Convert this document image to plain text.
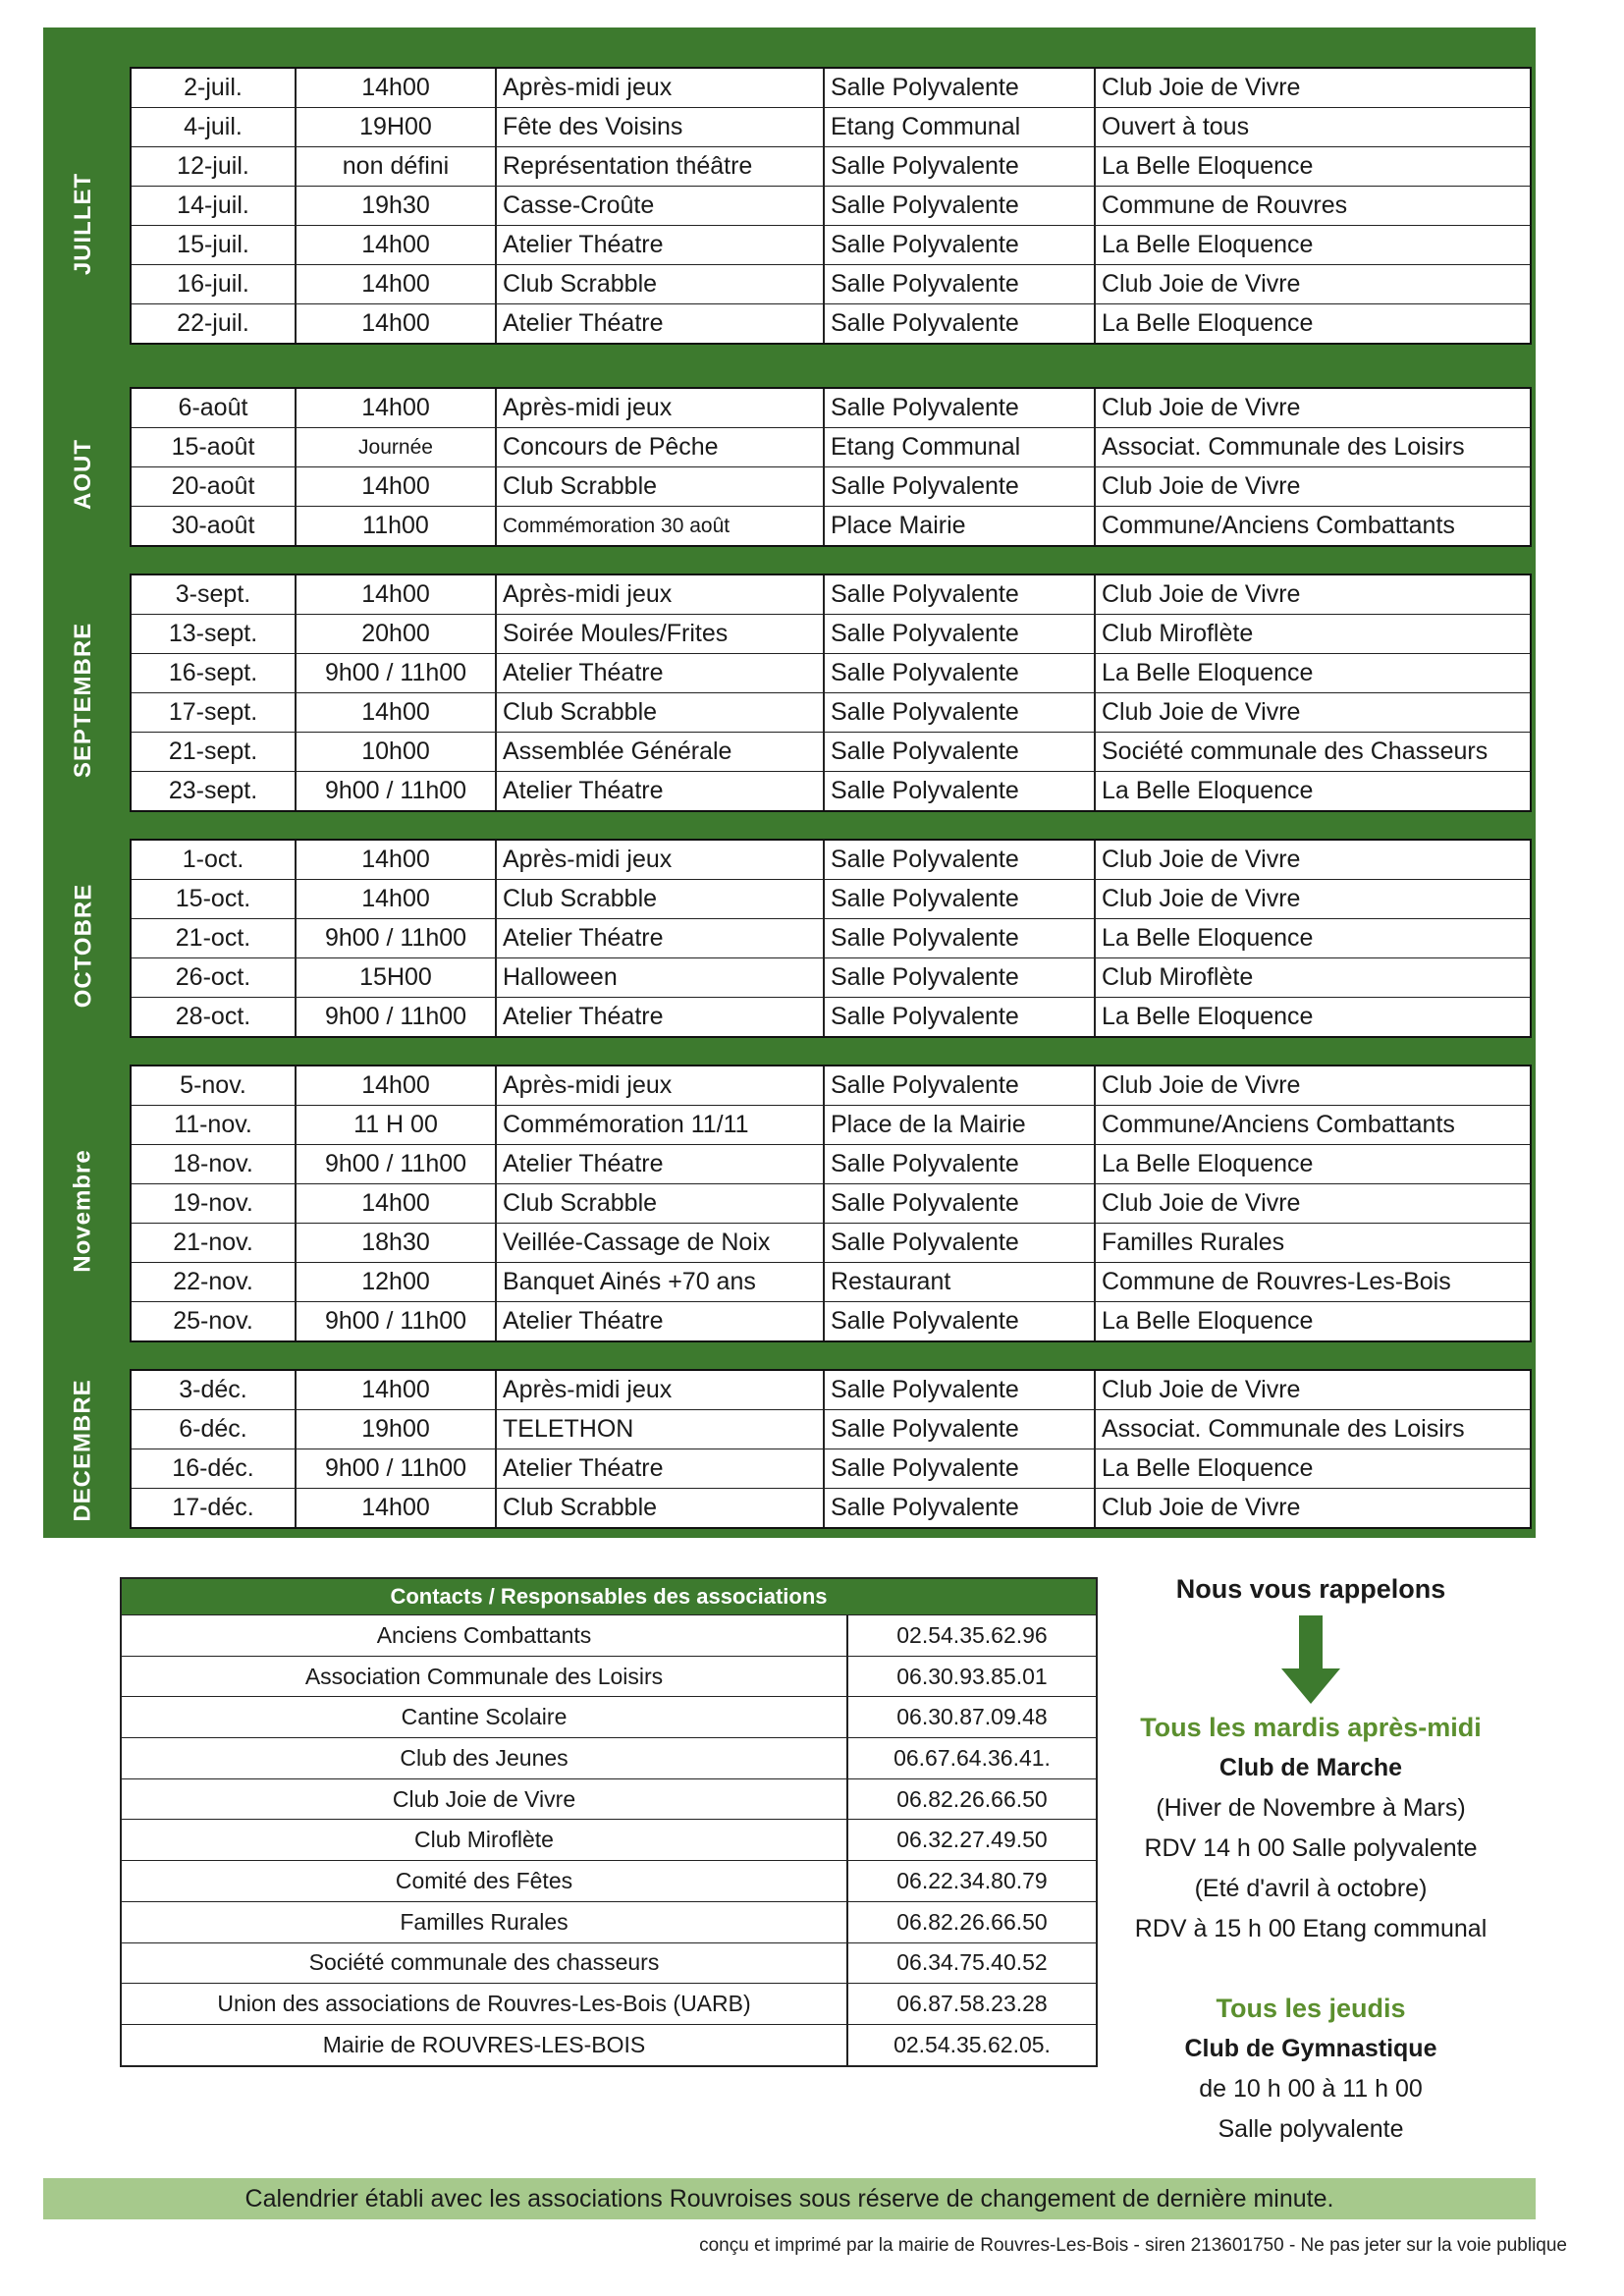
JUILLET
2-juil.	14h00	Après-midi jeux	Salle Polyvalente	Club Joie de Vivre
4-juil.	19H00	Fête des Voisins	Etang Communal	Ouvert à tous
12-juil.	non défini	Représentation théâtre	Salle Polyvalente	La Belle Eloquence
14-juil.	19h30	Casse-Croûte	Salle Polyvalente	Commune de Rouvres
15-juil.	14h00	Atelier Théatre	Salle Polyvalente	La Belle Eloquence
16-juil.	14h00	Club Scrabble	Salle Polyvalente	Club Joie de Vivre
22-juil.	14h00	Atelier Théatre	Salle Polyvalente	La Belle Eloquence
AOUT
6-août	14h00	Après-midi jeux	Salle Polyvalente	Club Joie de Vivre
15-août	Journée	Concours de Pêche	Etang Communal	Associat. Communale des Loisirs
20-août	14h00	Club Scrabble	Salle Polyvalente	Club Joie de Vivre
30-août	11h00	Commémoration 30 août	Place Mairie	Commune/Anciens Combattants
SEPTEMBRE
3-sept.	14h00	Après-midi jeux	Salle Polyvalente	Club Joie de Vivre
13-sept.	20h00	Soirée Moules/Frites	Salle Polyvalente	Club Miroflète
16-sept.	9h00 / 11h00	Atelier Théatre	Salle Polyvalente	La Belle Eloquence
17-sept.	14h00	Club Scrabble	Salle Polyvalente	Club Joie de Vivre
21-sept.	10h00	Assemblée Générale	Salle Polyvalente	Société communale des Chasseurs
23-sept.	9h00 / 11h00	Atelier Théatre	Salle Polyvalente	La Belle Eloquence
OCTOBRE
1-oct.	14h00	Après-midi jeux	Salle Polyvalente	Club Joie de Vivre
15-oct.	14h00	Club Scrabble	Salle Polyvalente	Club Joie de Vivre
21-oct.	9h00 / 11h00	Atelier Théatre	Salle Polyvalente	La Belle Eloquence
26-oct.	15H00	Halloween	Salle Polyvalente	Club Miroflète
28-oct.	9h00 / 11h00	Atelier Théatre	Salle Polyvalente	La Belle Eloquence
Novembre
5-nov.	14h00	Après-midi jeux	Salle Polyvalente	Club Joie de Vivre
11-nov.	11 H 00	Commémoration 11/11	Place de la Mairie	Commune/Anciens Combattants
18-nov.	9h00 / 11h00	Atelier Théatre	Salle Polyvalente	La Belle Eloquence
19-nov.	14h00	Club Scrabble	Salle Polyvalente	Club Joie de Vivre
21-nov.	18h30	Veillée-Cassage de Noix	Salle Polyvalente	Familles Rurales
22-nov.	12h00	Banquet Ainés +70 ans	Restaurant	Commune de Rouvres-Les-Bois
25-nov.	9h00 / 11h00	Atelier Théatre	Salle Polyvalente	La Belle Eloquence
DECEMBRE	3-déc.	14h00	Après-midi jeux	Salle Polyvalente	Club Joie de Vivre
6-déc.	19h00	TELETHON	Salle Polyvalente	Associat. Communale des Loisirs
16-déc.	9h00 / 11h00	Atelier Théatre	Salle Polyvalente	La Belle Eloquence
17-déc.	14h00	Club Scrabble	Salle Polyvalente	Club Joie de Vivre
Contacts / Responsables des associations
Anciens Combattants	02.54.35.62.96
Association Communale des Loisirs	06.30.93.85.01
Cantine Scolaire	06.30.87.09.48
Club des Jeunes	06.67.64.36.41.
Club Joie de Vivre	06.82.26.66.50
Club Miroflète	06.32.27.49.50
Comité des Fêtes	06.22.34.80.79
Familles Rurales	06.82.26.66.50
Société communale des chasseurs	06.34.75.40.52
Union des associations de Rouvres-Les-Bois (UARB)	06.87.58.23.28
Mairie de ROUVRES-LES-BOIS	02.54.35.62.05.
Nous vous rappelons
Tous les mardis après-midi
Club de Marche
(Hiver de Novembre à Mars)
RDV 14 h 00 Salle polyvalente
(Eté d'avril à octobre)
RDV à 15 h 00 Etang communal
Tous les jeudis
Club de Gymnastique
de 10 h 00 à 11 h 00
Salle polyvalente
Calendrier établi avec les associations Rouvroises sous réserve de changement de dernière minute.
conçu et imprimé par la mairie de Rouvres-Les-Bois - siren 213601750 - Ne pas jeter sur la voie publique
